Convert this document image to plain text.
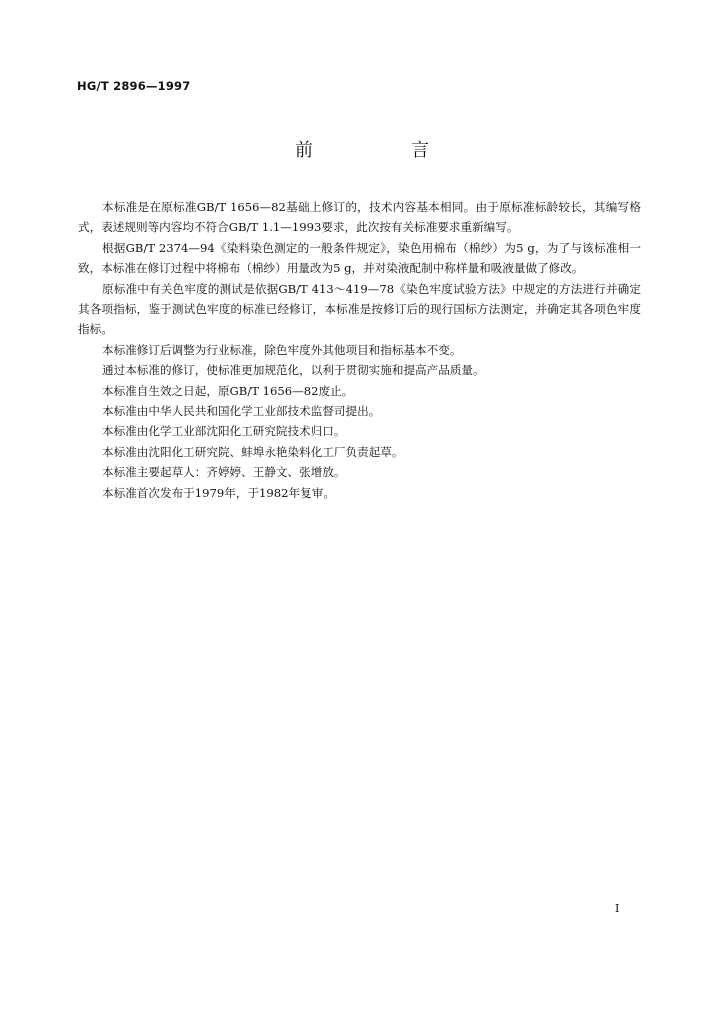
HG/T 2896—1997
前　言

本标准是在原标准GB/T 1656—82基础上修订的，技术内容基本相同。由于原标准标龄较长，其编写格式，表述规则等内容均不符合GB/T 1.1—1993要求，此次按有关标准要求重新编写。

根据GB/T 2374—94《染料染色测定的一般条件规定》，染色用棉布（棉纱）为5 g，为了与该标准相一致，本标准在修订过程中将棉布（棉纱）用量改为5 g，并对染液配制中称样量和吸液量做了修改。

原标准中有关色牢度的测试是依据GB/T 413～419—78《染色牢度试验方法》中规定的方法进行并确定其各项指标，鉴于测试色牢度的标准已经修订，本标准是按修订后的现行国标方法测定，并确定其各项色牢度指标。

本标准修订后调整为行业标准，除色牢度外其他项目和指标基本不变。

通过本标准的修订，使标准更加规范化，以利于贯彻实施和提高产品质量。

本标准自生效之日起，原GB/T 1656—82废止。

本标准由中华人民共和国化学工业部技术监督司提出。

本标准由化学工业部沈阳化工研究院技术归口。

本标准由沈阳化工研究院、蚌埠永艳染料化工厂负责起草。

本标准主要起草人：齐婷婷、王静文、张增放。

本标准首次发布于1979年，于1982年复审。

I
